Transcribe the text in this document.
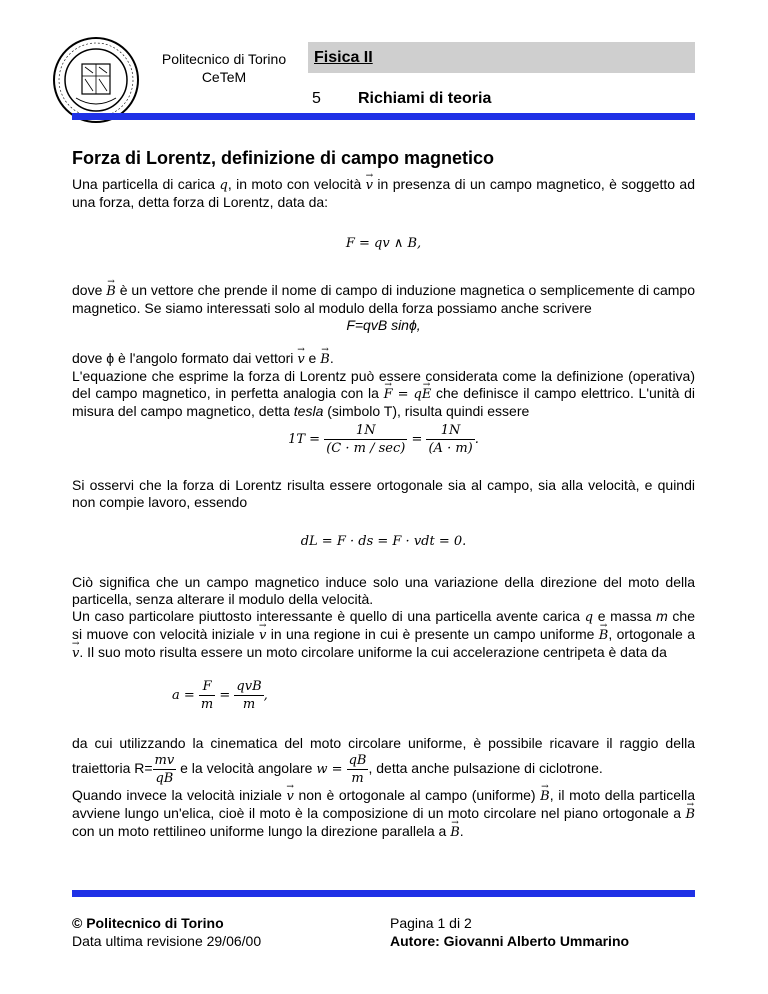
Politecnico di Torino
CeTeM
Fisica II
5 Richiami di teoria
Forza di Lorentz, definizione di campo magnetico

Una particella di carica q, in moto con velocità → v in presenza di un campo magnetico, è soggetto ad una forza, detta forza di Lorentz, data da:

F = qv ∧ B,

dove → B è un vettore che prende il nome di campo di induzione magnetica o semplicemente di campo magnetico. Se siamo interessati solo al modulo della forza possiamo anche scrivere

F=qvB sinϕ,

dove ϕ è l'angolo formato dai vettori → v e → B.

L'equazione che esprime la forza di Lorentz può essere considerata come la definizione (operativa) del campo magnetico, in perfetta analogia con la → F = q→ E che definisce il campo elettrico. L'unità di misura del campo magnetico, detta tesla (simbolo T), risulta quindi essere

$1T = \frac{1N}{(C \cdot m / \sec)} = \frac{1N}{(A \cdot m)}$ .

Si osservi che la forza di Lorentz risulta essere ortogonale sia al campo, sia alla velocità, e quindi non compie lavoro, essendo

dL = F · ds = F · vdt = 0.

Ciò significa che un campo magnetico induce solo una variazione della direzione del moto della particella, senza alterare il modulo della velocità.

Un caso particolare piuttosto interessante è quello di una particella avente carica q e massa m che si muove con velocità iniziale → v in una regione in cui è presente un campo uniforme → B, ortogonale a → v. Il suo moto risulta essere un moto circolare uniforme la cui accelerazione centripeta è data da

$a = \frac{F}{m} = \frac{\text{qvB}}{m}$ ,

da cui utilizzando la cinematica del moto circolare uniforme, è possibile ricavare il raggio della traiettoria $R= \frac{mv}{qB}$ e la velocità angolare $w = \frac{qB}{m}$ , detta anche pulsazione di ciclotrone.

Quando invece la velocità iniziale → v non è ortogonale al campo (uniforme) → B, il moto della particella avviene lungo un'elica, cioè il moto è la composizione di un moto circolare nel piano ortogonale a → B con un moto rettilineo uniforme lungo la direzione parallela a → B.

© Politecnico di Torino
Data ultima revisione 29/06/00
Pagina 1 di 2
Autore: Giovanni Alberto Ummarino
